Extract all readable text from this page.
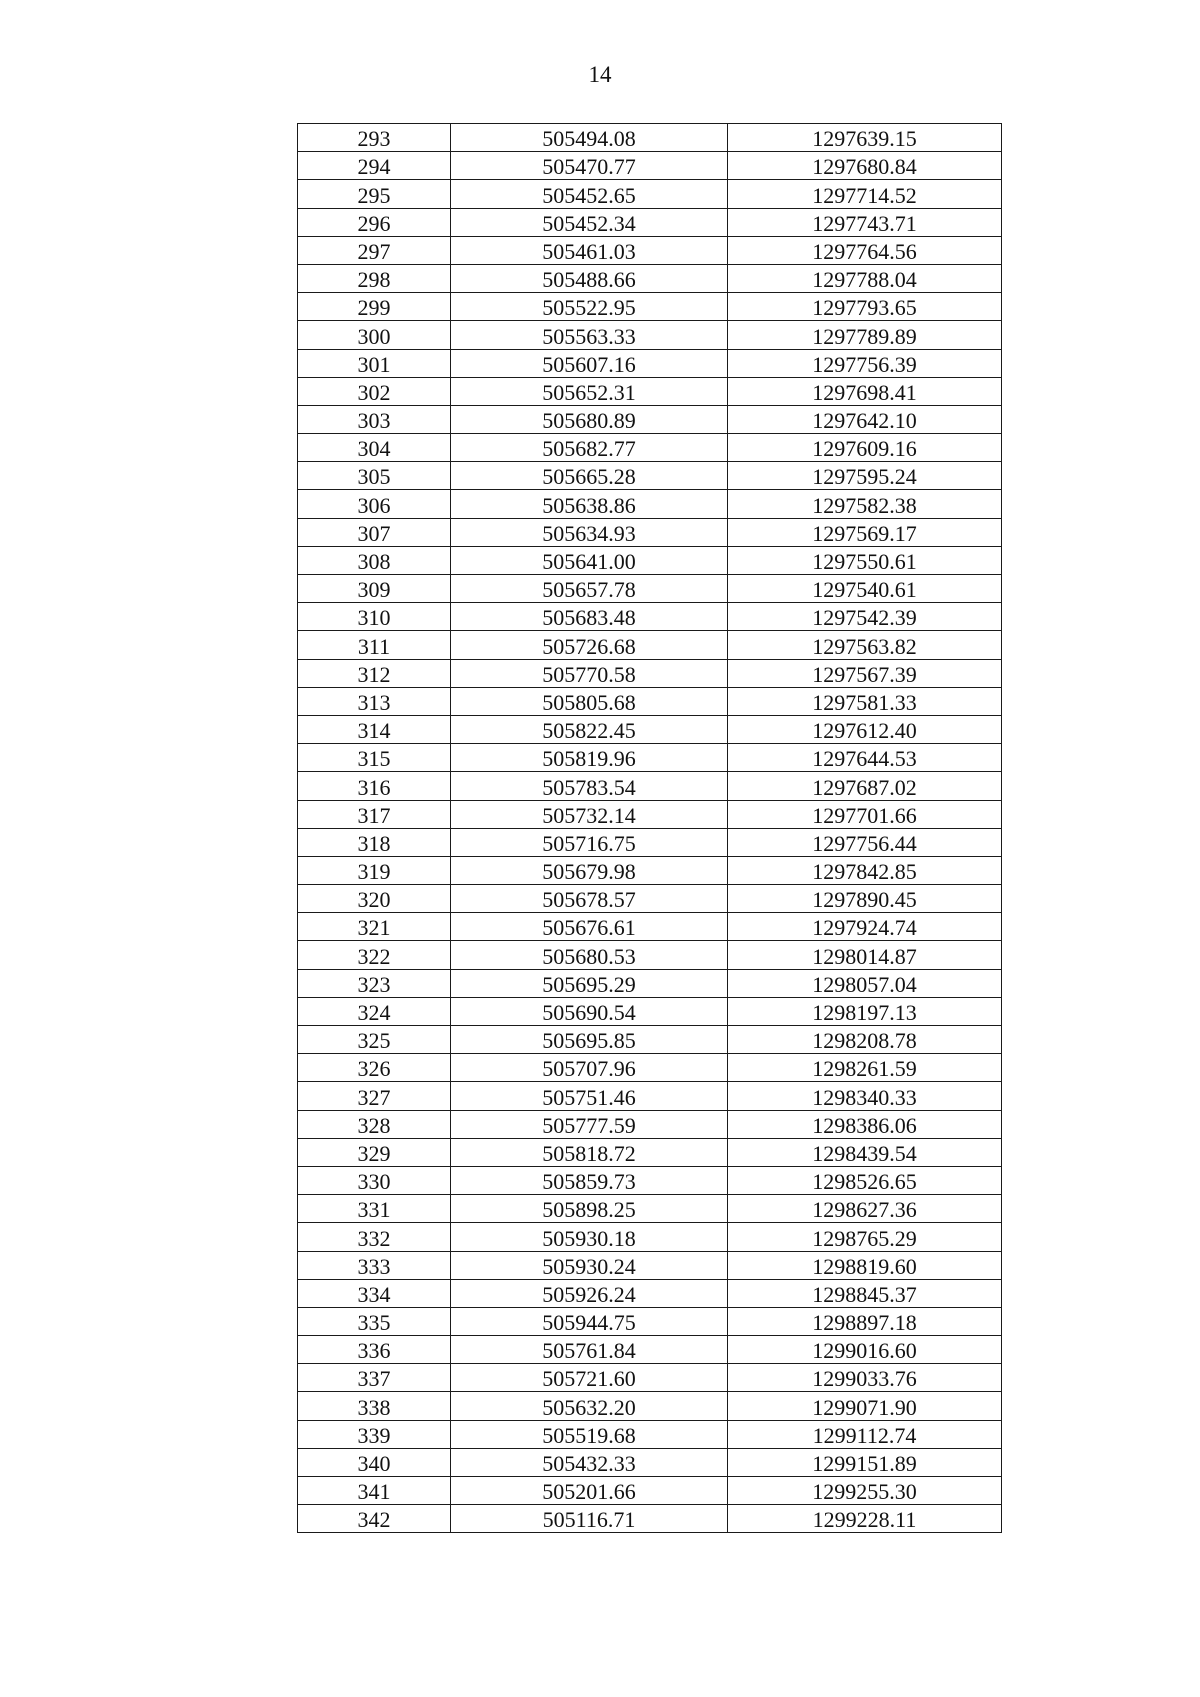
14
293	505494.08	1297639.15
294	505470.77	1297680.84
295	505452.65	1297714.52
296	505452.34	1297743.71
297	505461.03	1297764.56
298	505488.66	1297788.04
299	505522.95	1297793.65
300	505563.33	1297789.89
301	505607.16	1297756.39
302	505652.31	1297698.41
303	505680.89	1297642.10
304	505682.77	1297609.16
305	505665.28	1297595.24
306	505638.86	1297582.38
307	505634.93	1297569.17
308	505641.00	1297550.61
309	505657.78	1297540.61
310	505683.48	1297542.39
311	505726.68	1297563.82
312	505770.58	1297567.39
313	505805.68	1297581.33
314	505822.45	1297612.40
315	505819.96	1297644.53
316	505783.54	1297687.02
317	505732.14	1297701.66
318	505716.75	1297756.44
319	505679.98	1297842.85
320	505678.57	1297890.45
321	505676.61	1297924.74
322	505680.53	1298014.87
323	505695.29	1298057.04
324	505690.54	1298197.13
325	505695.85	1298208.78
326	505707.96	1298261.59
327	505751.46	1298340.33
328	505777.59	1298386.06
329	505818.72	1298439.54
330	505859.73	1298526.65
331	505898.25	1298627.36
332	505930.18	1298765.29
333	505930.24	1298819.60
334	505926.24	1298845.37
335	505944.75	1298897.18
336	505761.84	1299016.60
337	505721.60	1299033.76
338	505632.20	1299071.90
339	505519.68	1299112.74
340	505432.33	1299151.89
341	505201.66	1299255.30
342	505116.71	1299228.11
